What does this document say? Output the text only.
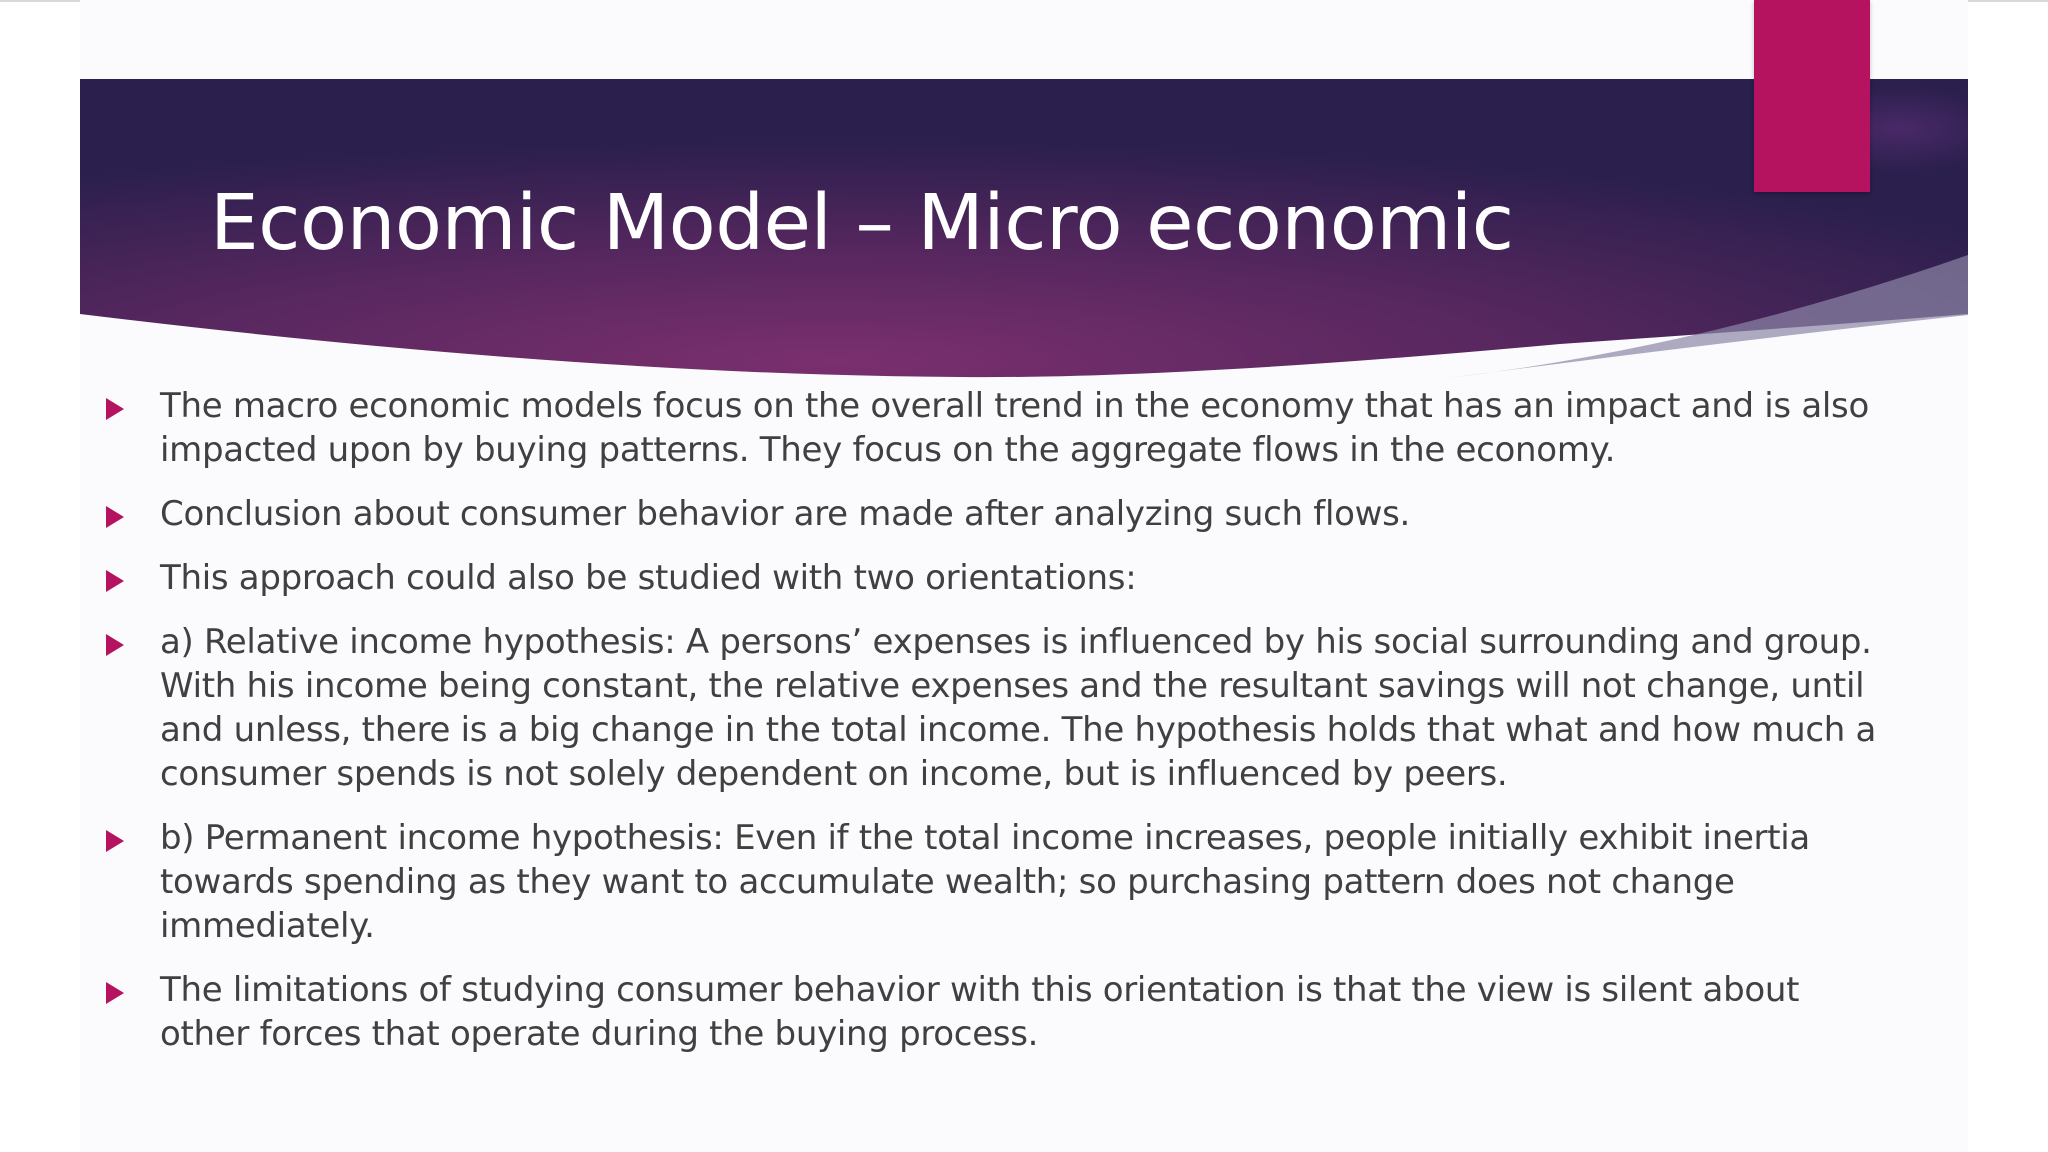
Economic Model – Micro economic
The macro economic models focus on the overall trend in the economy that has an impact and is also impacted upon by buying patterns. They focus on the aggregate flows in the economy.
Conclusion about consumer behavior are made after analyzing such flows.
This approach could also be studied with two orientations:
a) Relative income hypothesis: A persons’ expenses is influenced by his social surrounding and group. With his income being constant, the relative expenses and the resultant savings will not change, until and unless, there is a big change in the total income. The hypothesis holds that what and how much a consumer spends is not solely dependent on income, but is influenced by peers.
b) Permanent income hypothesis: Even if the total income increases, people initially exhibit inertia towards spending as they want to accumulate wealth; so purchasing pattern does not change immediately.
The limitations of studying consumer behavior with this orientation is that the view is silent about other forces that operate during the buying process.
